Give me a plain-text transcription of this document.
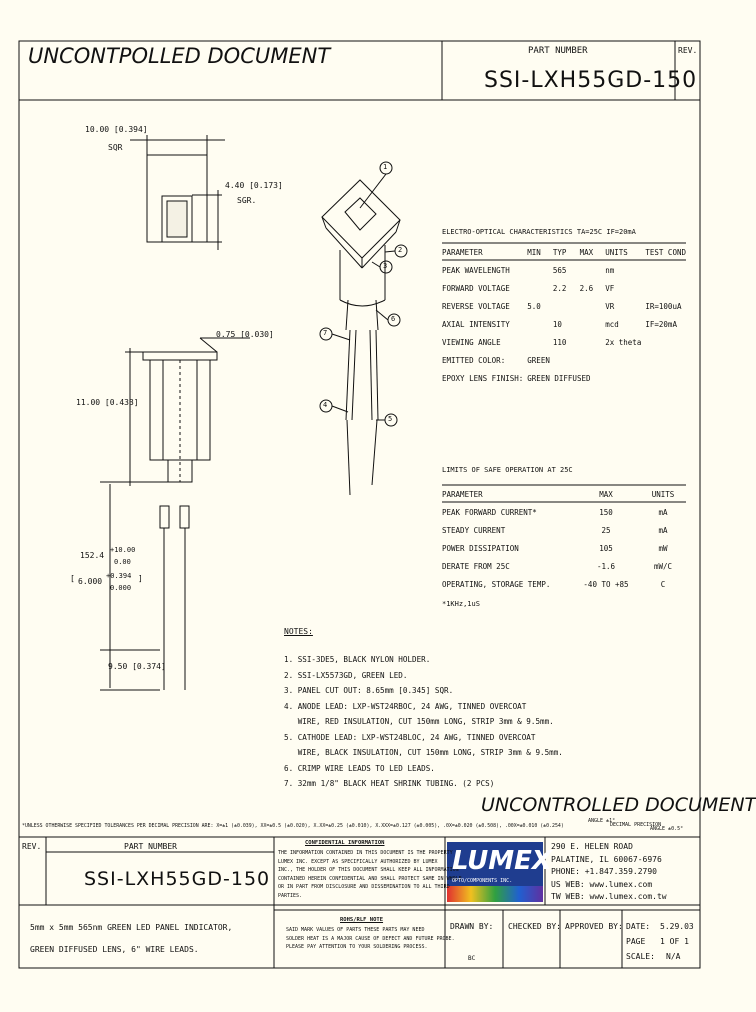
UNCONTPOLLED DOCUMENT	PART NUMBER
SSI-LXH55GD-150
REV.
10.00 [0.394]
SQR
4.40 [0.173]
SGR.
0.75 [0.030]
11.00 [0.433]
152.4
+10.00
0.00
[ 6.000
+0.394
0.000
]
9.50 [0.374]
1
2
3
4
5
6
7
ELECTRO-OPTICAL CHARACTERISTICS TA=25C IF=20mA
PARAMETER	MIN	TYP	MAX	UNITS	TEST COND
PEAK WAVELENGTH		565		nm	
FORWARD VOLTAGE		2.2	2.6	VF	
REVERSE VOLTAGE	5.0			VR	IR=100uA
AXIAL INTENSITY		10		mcd	IF=20mA
VIEWING ANGLE		110		2x theta	
EMITTED COLOR:	GREEN				
EPOXY LENS FINISH:	GREEN DIFFUSED				
LIMITS OF SAFE OPERATION AT 25C
PARAMETER	MAX	UNITS
PEAK FORWARD CURRENT*	150	mA
STEADY CURRENT	25	mA
POWER DISSIPATION	105	mW
DERATE FROM 25C	-1.6	mW/C
OPERATING, STORAGE TEMP.	-40 TO +85	C
*1KHz,1uS
NOTES:
1. SSI-3DE5, BLACK NYLON HOLDER.
2. SSI-LX5573GD, GREEN LED.
3. PANEL CUT OUT: 8.65mm [0.345] SQR.
4. ANODE LEAD: LXP-WST24RBOC, 24 AWG, TINNED OVERCOAT
WIRE, RED INSULATION, CUT 150mm LONG, STRIP 3mm & 9.5mm.
5. CATHODE LEAD: LXP-WST24BLOC, 24 AWG, TINNED OVERCOAT
WIRE, BLACK INSULATION, CUT 150mm LONG, STRIP 3mm & 9.5mm.
6. CRIMP WIRE LEADS TO LED LEADS.
7. 32mm 1/8" BLACK HEAT SHRINK TUBING. (2 PCS)
UNCONTROLLED DOCUMENT
*UNLESS OTHERWISE SPECIFIED TOLERANCES PER DECIMAL PRECISION ARE: X=±1 (±0.039), XX=±0.5 (±0.020), X.XX=±0.25 (±0.010), X.XXX=±0.127 (±0.005), .0X=±0.020 (±0.508), .00X=±0.010 (±0.254)
ANGLE ±1°
DECIMAL PRECISION
ANGLE ±0.5°
REV.	PART NUMBER
SSI-LXH55GD-150
CONFIDENTIAL INFORMATION
THE INFORMATION CONTAINED IN THIS DOCUMENT IS THE PROPERTY OF
LUMEX INC. EXCEPT AS SPECIFICALLY AUTHORIZED BY LUMEX
INC., THE HOLDER OF THIS DOCUMENT SHALL KEEP ALL INFORMATION
CONTAINED HEREIN CONFIDENTIAL AND SHALL PROTECT SAME IN WHOLE
OR IN PART FROM DISCLOSURE AND DISSEMINATION TO ALL THIRD
PARTIES.
LUMEX
OPTO/COMPONENTS INC.
290 E. HELEN ROAD
PALATINE, IL 60067-6976
PHONE: +1.847.359.2790
US WEB: www.lumex.com
TW WEB: www.lumex.com.tw
5mm x 5mm 565nm GREEN LED PANEL INDICATOR,
GREEN DIFFUSED LENS, 6" WIRE LEADS.
ROHS/RLF NOTE
SAID MARK VALUES OF PARTS THESE PARTS MAY NEED
SOLDER HEAT IS A MAJOR CAUSE OF DEFECT AND FUTURE PROBE.
PLEASE PAY ATTENTION TO YOUR SOLDERING PROCESS.
DRAWN BY:
BC
CHECKED BY: APPROVED BY: DATE: 5.29.03
PAGE 1 OF 1
SCALE: N/A
